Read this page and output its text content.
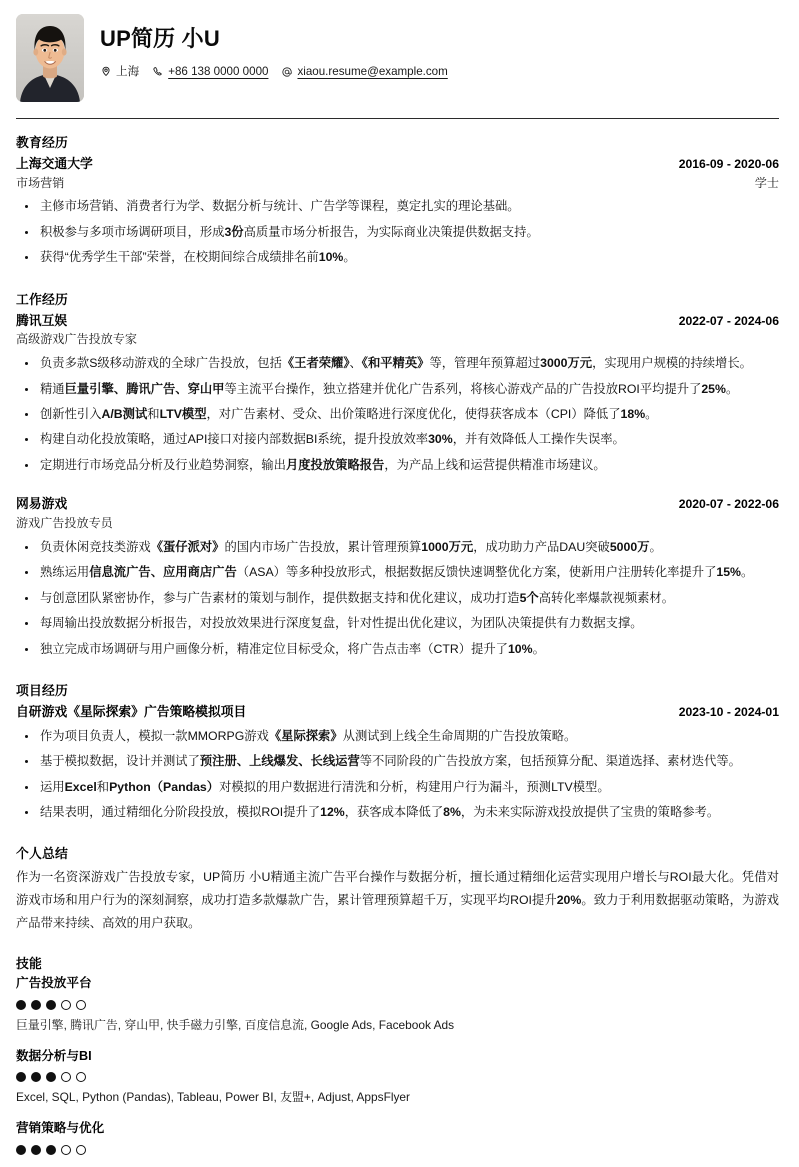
UP简历 小U
上海	+86 138 0000 0000	xiaou.resume@example.com
教育经历
上海交通大学	2016-09 - 2020-06
市场营销	学士
主修市场营销、消费者行为学、数据分析与统计、广告学等课程，奠定扎实的理论基础。
积极参与多项市场调研项目，形成3份高质量市场分析报告，为实际商业决策提供数据支持。
获得“优秀学生干部”荣誉，在校期间综合成绩排名前10%。
工作经历
腾讯互娱	2022-07 - 2024-06
高级游戏广告投放专家
负责多款S级移动游戏的全球广告投放，包括《王者荣耀》、《和平精英》等，管理年预算超过3000万元，实现用户规模的持续增长。
精通巨量引擎、腾讯广告、穿山甲等主流平台操作，独立搭建并优化广告系列，将核心游戏产品的广告投放ROI平均提升了25%。
创新性引入A/B测试和LTV模型，对广告素材、受众、出价策略进行深度优化，使得获客成本（CPI）降低了18%。
构建自动化投放策略，通过API接口对接内部数据BI系统，提升投放效率30%，并有效降低人工操作失误率。
定期进行市场竞品分析及行业趋势洞察，输出月度投放策略报告，为产品上线和运营提供精准市场建议。
网易游戏	2020-07 - 2022-06
游戏广告投放专员
负责休闲竞技类游戏《蛋仔派对》的国内市场广告投放，累计管理预算1000万元，成功助力产品DAU突破5000万。
熟练运用信息流广告、应用商店广告（ASA）等多种投放形式，根据数据反馈快速调整优化方案，使新用户注册转化率提升了15%。
与创意团队紧密协作，参与广告素材的策划与制作，提供数据支持和优化建议，成功打造5个高转化率爆款视频素材。
每周输出投放数据分析报告，对投放效果进行深度复盘，针对性提出优化建议，为团队决策提供有力数据支撑。
独立完成市场调研与用户画像分析，精准定位目标受众，将广告点击率（CTR）提升了10%。
项目经历
自研游戏《星际探索》广告策略模拟项目	2023-10 - 2024-01
作为项目负责人，模拟一款MMORPG游戏《星际探索》从测试到上线全生命周期的广告投放策略。
基于模拟数据，设计并测试了预注册、上线爆发、长线运营等不同阶段的广告投放方案，包括预算分配、渠道选择、素材迭代等。
运用Excel和Python（Pandas）对模拟的用户数据进行清洗和分析，构建用户行为漏斗，预测LTV模型。
结果表明，通过精细化分阶段投放，模拟ROI提升了12%，获客成本降低了8%，为未来实际游戏投放提供了宝贵的策略参考。
个人总结
作为一名资深游戏广告投放专家，UP简历 小U精通主流广告平台操作与数据分析，擅长通过精细化运营实现用户增长与ROI最大化。凭借对游戏市场和用户行为的深刻洞察，成功打造多款爆款广告，累计管理预算超千万，实现平均ROI提升20%。致力于利用数据驱动策略，为游戏产品带来持续、高效的用户获取。
技能
广告投放平台
巨量引擎, 腾讯广告, 穿山甲, 快手磁力引擎, 百度信息流, Google Ads, Facebook Ads
数据分析与BI
Excel, SQL, Python (Pandas), Tableau, Power BI, 友盟+, Adjust, AppsFlyer
营销策略与优化
